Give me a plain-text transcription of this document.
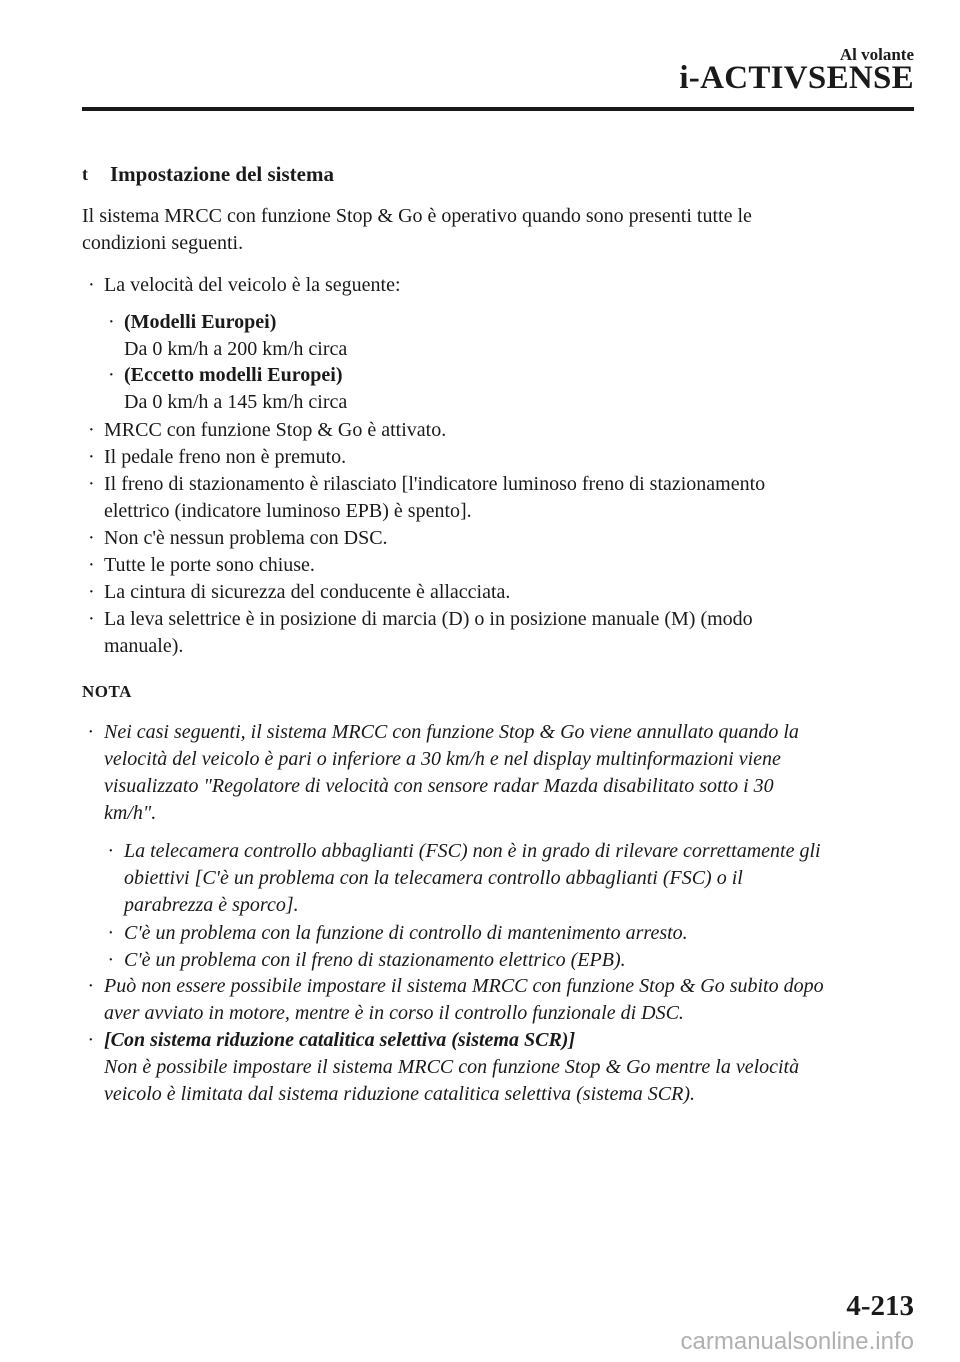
Al volante
i-ACTIVSENSE
t	Impostazione del sistema
Il sistema MRCC con funzione Stop & Go è operativo quando sono presenti tutte le
condizioni seguenti.
· La velocità del veicolo è la seguente:
· (Modelli Europei)
Da 0 km/h a 200 km/h circa
· (Eccetto modelli Europei)
Da 0 km/h a 145 km/h circa
· MRCC con funzione Stop & Go è attivato.
· Il pedale freno non è premuto.
· Il freno di stazionamento è rilasciato [l'indicatore luminoso freno di stazionamento
elettrico (indicatore luminoso EPB) è spento].
· Non c'è nessun problema con DSC.
· Tutte le porte sono chiuse.
· La cintura di sicurezza del conducente è allacciata.
· La leva selettrice è in posizione di marcia (D) o in posizione manuale (M) (modo
manuale).
NOTA
· Nei casi seguenti, il sistema MRCC con funzione Stop & Go viene annullato quando la
velocità del veicolo è pari o inferiore a 30 km/h e nel display multinformazioni viene
visualizzato "Regolatore di velocità con sensore radar Mazda disabilitato sotto i 30
km/h".
· La telecamera controllo abbaglianti (FSC) non è in grado di rilevare correttamente gli
obiettivi [C'è un problema con la telecamera controllo abbaglianti (FSC) o il
parabrezza è sporco].
· C'è un problema con la funzione di controllo di mantenimento arresto.
· C'è un problema con il freno di stazionamento elettrico (EPB).
· Può non essere possibile impostare il sistema MRCC con funzione Stop & Go subito dopo
aver avviato in motore, mentre è in corso il controllo funzionale di DSC.
· [Con sistema riduzione catalitica selettiva (sistema SCR)]
Non è possibile impostare il sistema MRCC con funzione Stop & Go mentre la velocità
veicolo è limitata dal sistema riduzione catalitica selettiva (sistema SCR).
4-213
carmanualsonline.info
